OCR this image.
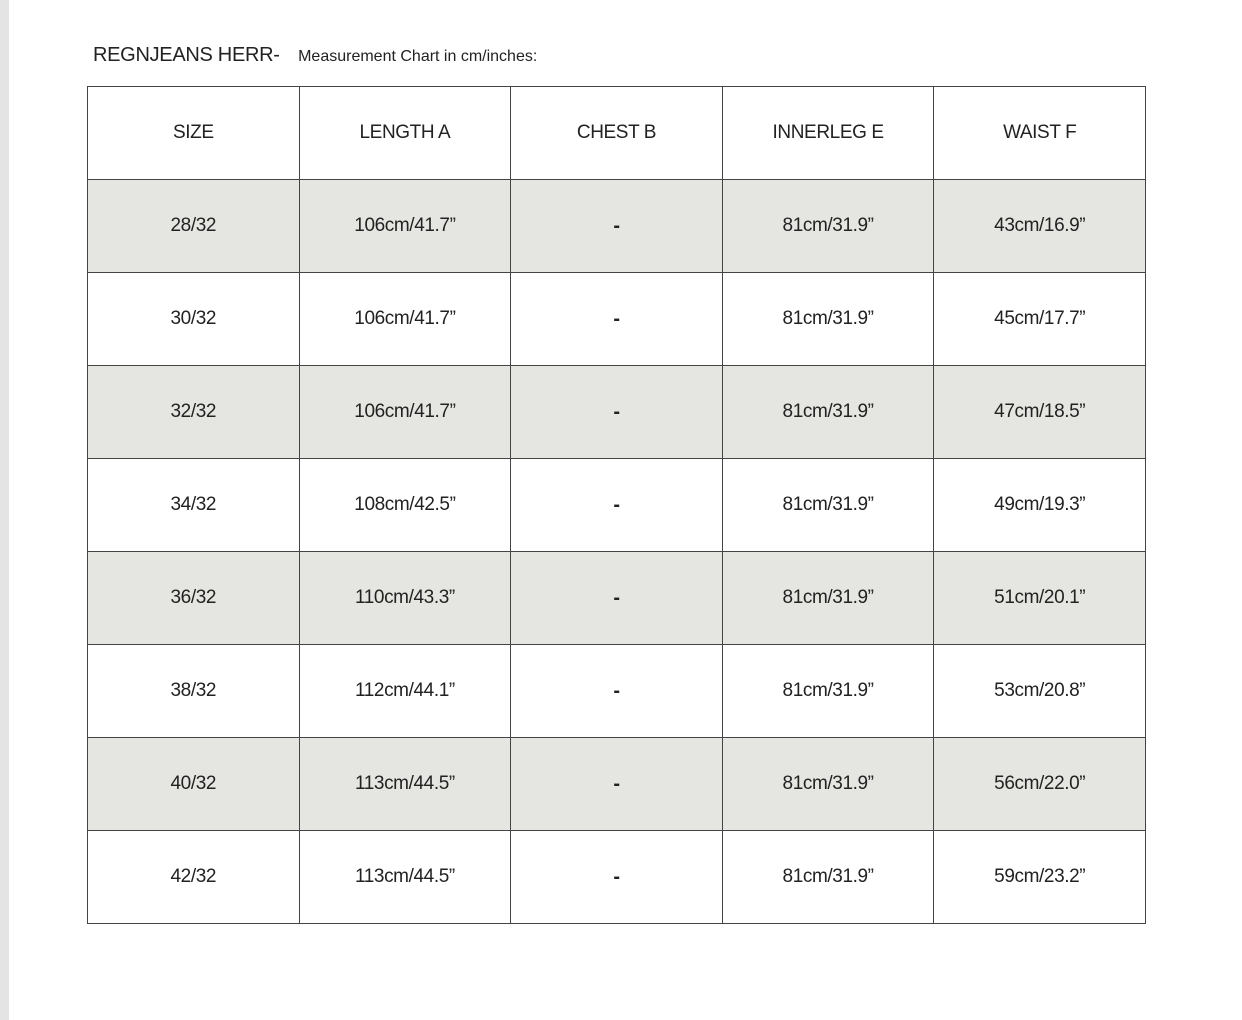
REGNJEANS HERR- Measurement Chart in cm/inches:
SIZE	LENGTH A	CHEST B	INNERLEG E	WAIST F
28/32	106cm/41.7”	-	81cm/31.9”	43cm/16.9”
30/32	106cm/41.7”	-	81cm/31.9”	45cm/17.7”
32/32	106cm/41.7”	-	81cm/31.9”	47cm/18.5”
34/32	108cm/42.5”	-	81cm/31.9”	49cm/19.3”
36/32	110cm/43.3”	-	81cm/31.9”	51cm/20.1”
38/32	112cm/44.1”	-	81cm/31.9”	53cm/20.8”
40/32	113cm/44.5”	-	81cm/31.9”	56cm/22.0”
42/32	113cm/44.5”	-	81cm/31.9”	59cm/23.2”
